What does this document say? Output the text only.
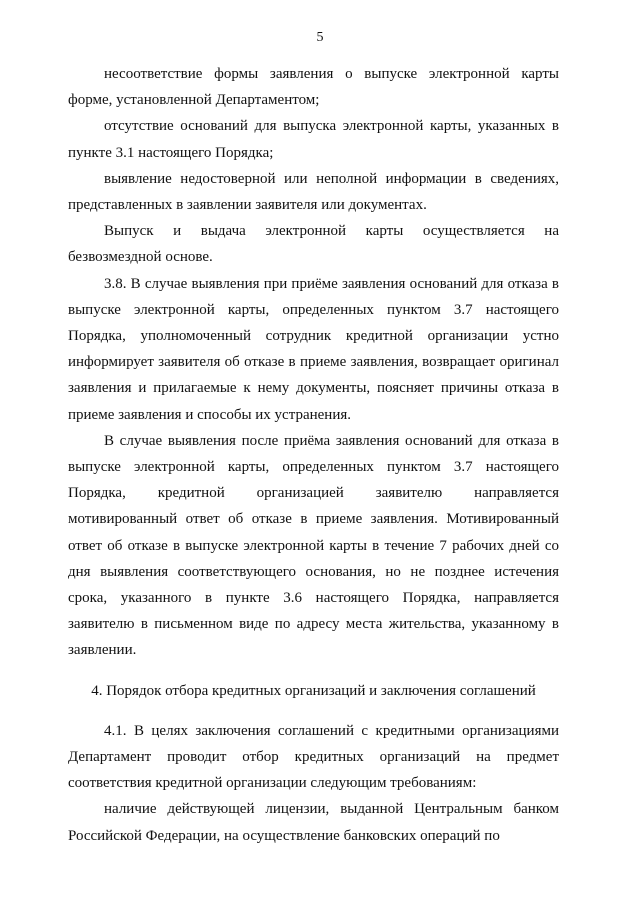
5

несоответствие формы заявления о выпуске электронной карты форме, установленной Департаментом;

отсутствие оснований для выпуска электронной карты, указанных в пункте 3.1 настоящего Порядка;

выявление недостоверной или неполной информации в сведениях, представленных в заявлении заявителя или документах.

Выпуск и выдача электронной карты осуществляется на безвозмездной основе.

3.8. В случае выявления при приёме заявления оснований для отказа в выпуске электронной карты, определенных пунктом 3.7 настоящего Порядка, уполномоченный сотрудник кредитной организации устно информирует заявителя об отказе в приеме заявления, возвращает оригинал заявления и прилагаемые к нему документы, поясняет причины отказа в приеме заявления и способы их устранения.

В случае выявления после приёма заявления оснований для отказа в выпуске электронной карты, определенных пунктом 3.7 настоящего Порядка, кредитной организацией заявителю направляется мотивированный ответ об отказе в приеме заявления. Мотивированный ответ об отказе в выпуске электронной карты в течение 7 рабочих дней со дня выявления соответствующего основания, но не позднее истечения срока, указанного в пункте 3.6 настоящего Порядка, направляется заявителю в письменном виде по адресу места жительства, указанному в заявлении.

4. Порядок отбора кредитных организаций и заключения соглашений

4.1. В целях заключения соглашений с кредитными организациями Департамент проводит отбор кредитных организаций на предмет соответствия кредитной организации следующим требованиям:

наличие действующей лицензии, выданной Центральным банком Российской Федерации, на осуществление банковских операций по
